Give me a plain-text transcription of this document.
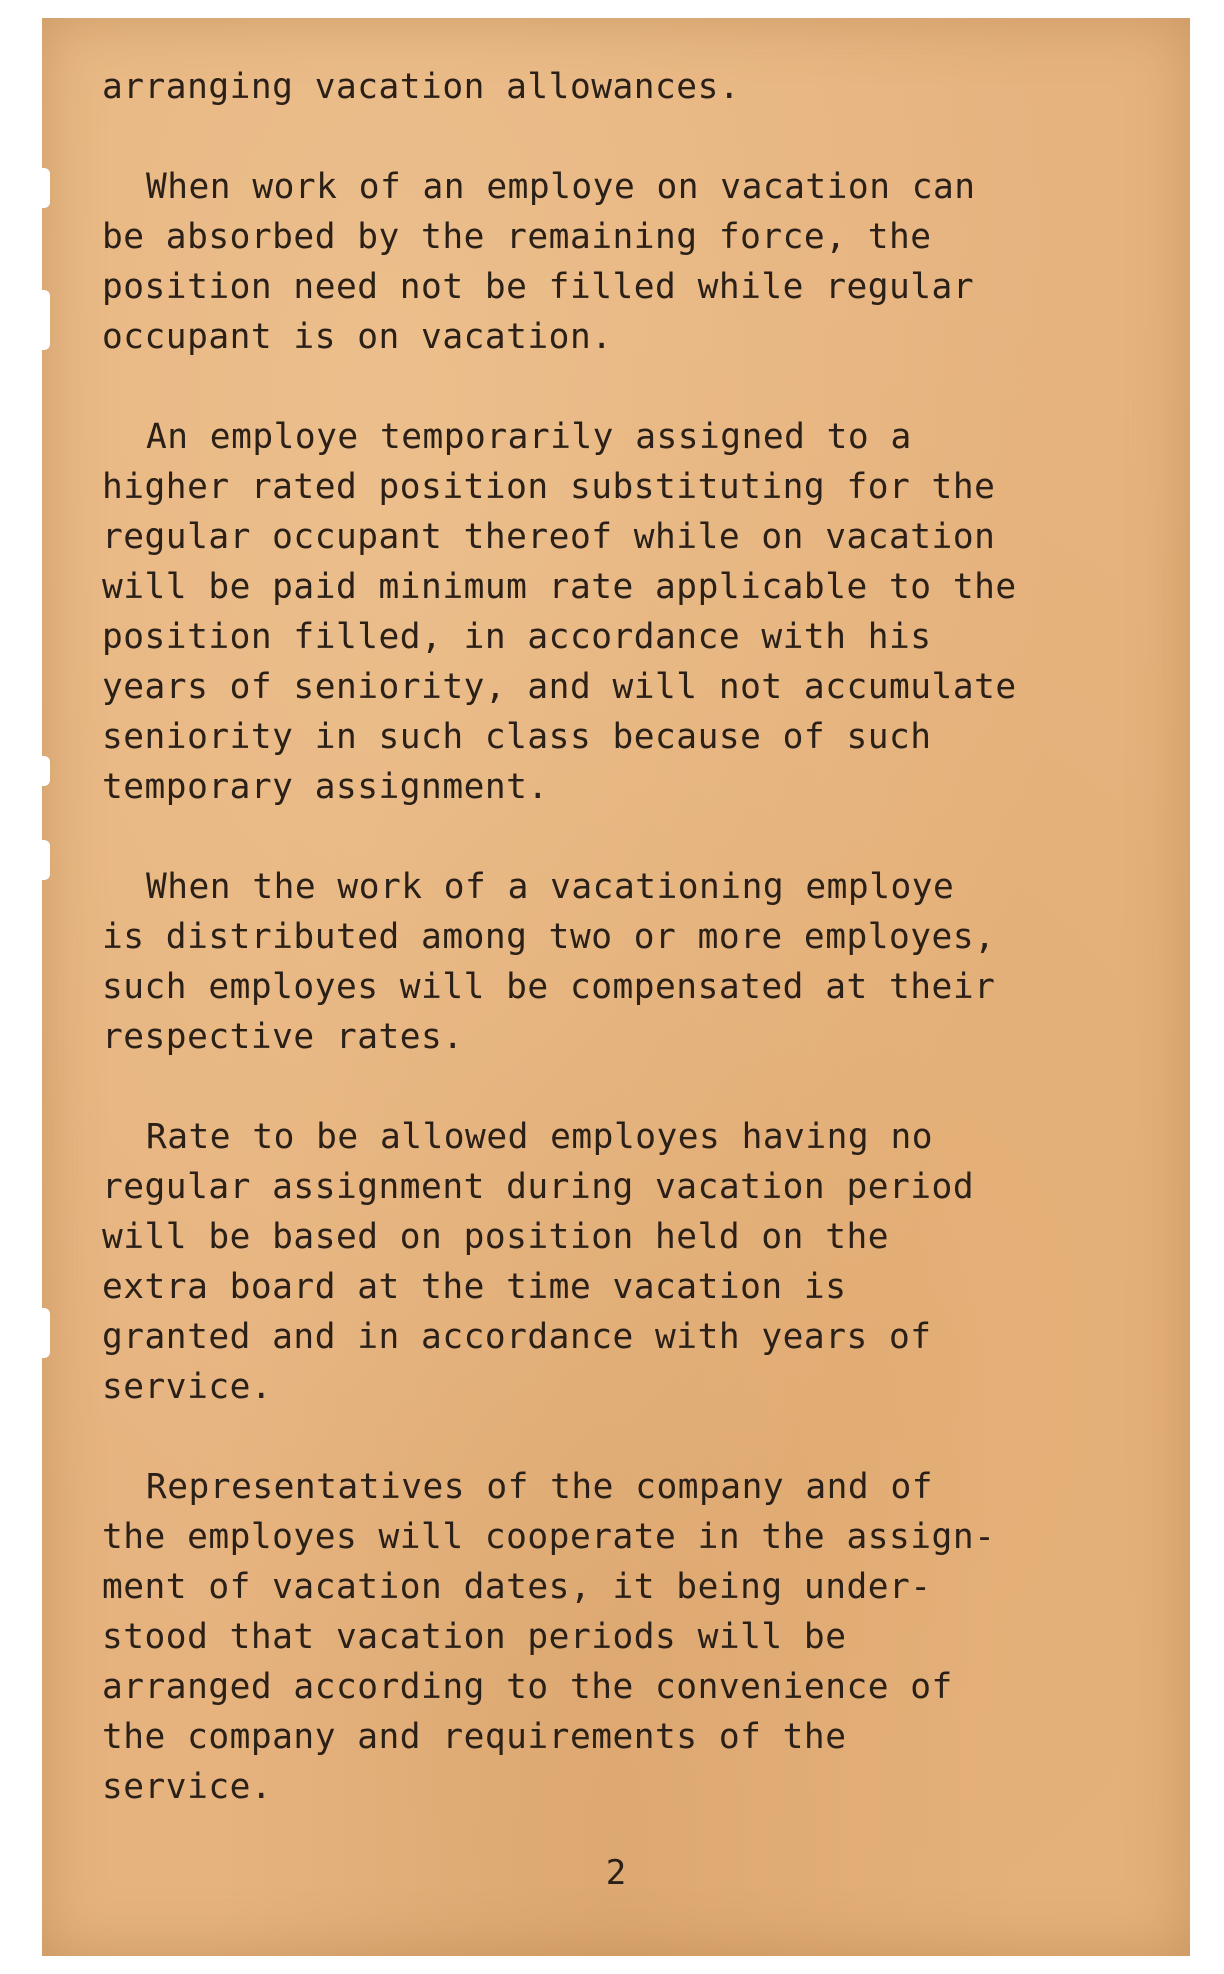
arranging vacation allowances.
When work of an employe on vacation can
be absorbed by the remaining force, the
position need not be filled while regular
occupant is on vacation.
An employe temporarily assigned to a
higher rated position substituting for the
regular occupant thereof while on vacation
will be paid minimum rate applicable to the
position filled, in accordance with his
years of seniority, and will not accumulate
seniority in such class because of such
temporary assignment.
When the work of a vacationing employe
is distributed among two or more employes,
such employes will be compensated at their
respective rates.
Rate to be allowed employes having no
regular assignment during vacation period
will be based on position held on the
extra board at the time vacation is
granted and in accordance with years of
service.
Representatives of the company and of
the employes will cooperate in the assign-
ment of vacation dates, it being under-
stood that vacation periods will be
arranged according to the convenience of
the company and requirements of the
service.
2
